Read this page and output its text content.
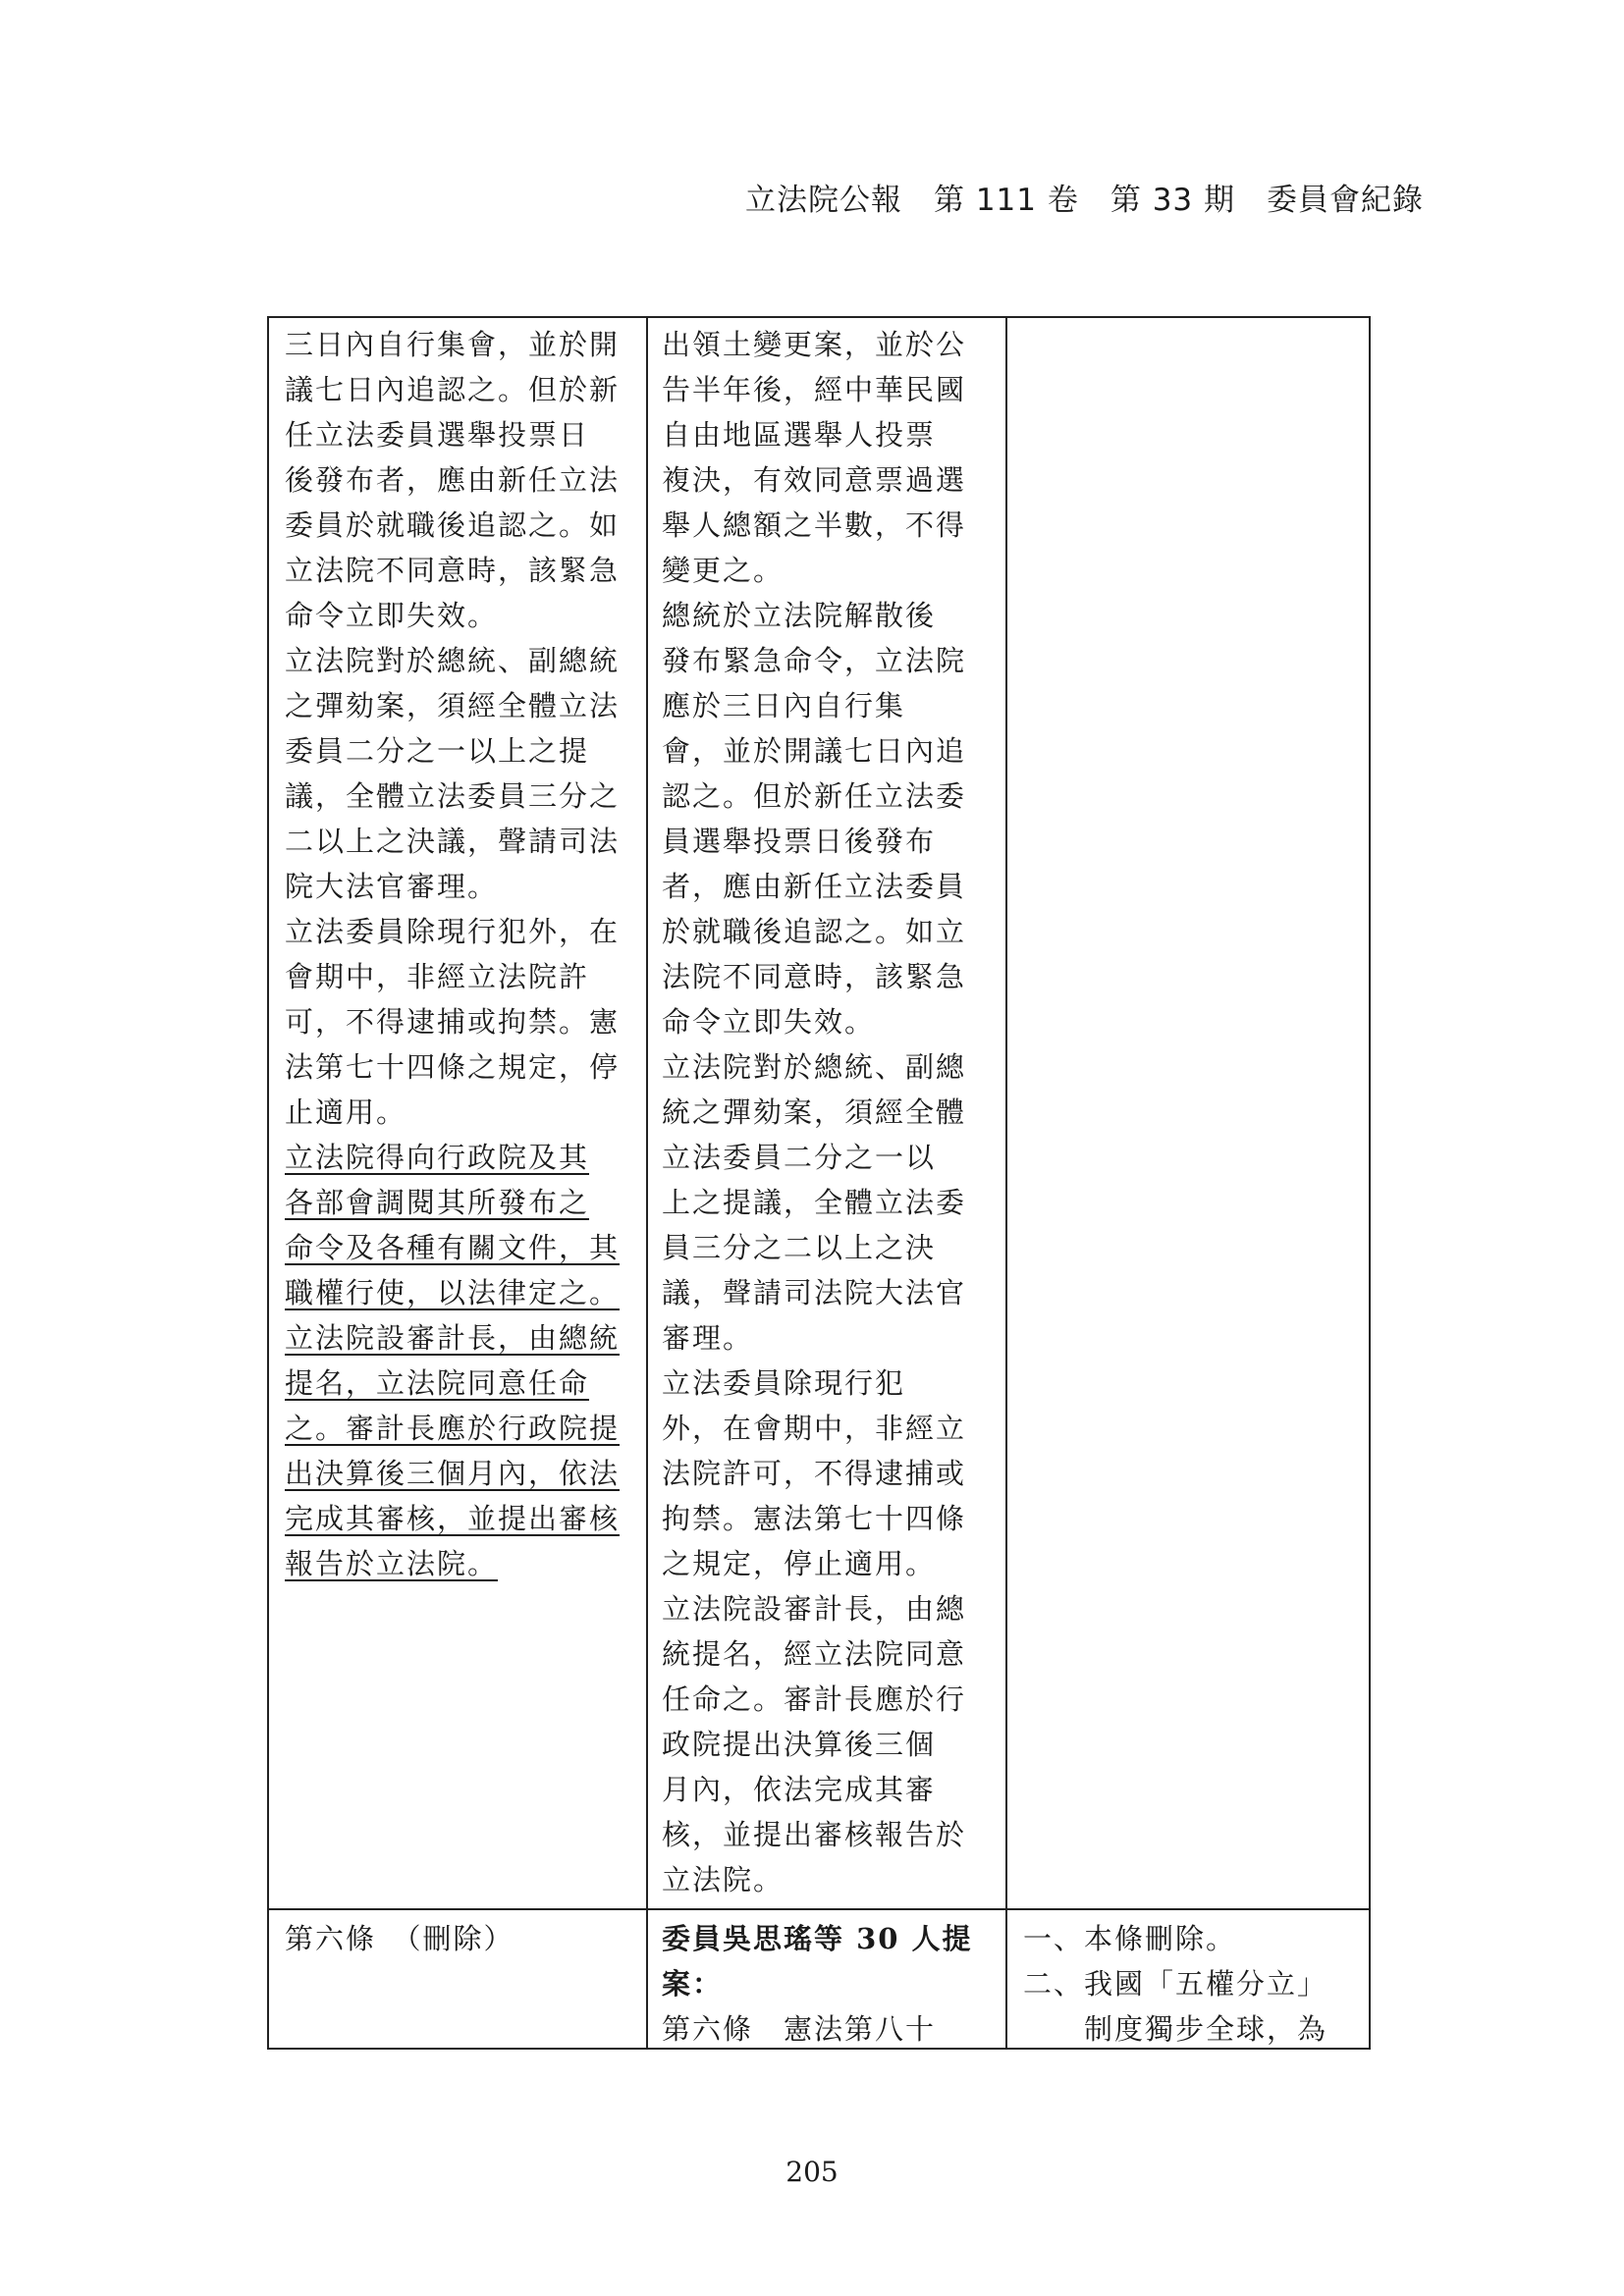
立法院公報　第 111 卷　第 33 期　委員會紀錄
三日內自行集會，並於開
議七日內追認之。但於新
任立法委員選舉投票日
後發布者，應由新任立法
委員於就職後追認之。如
立法院不同意時，該緊急
命令立即失效。
立法院對於總統、副總統
之彈劾案，須經全體立法
委員二分之一以上之提
議，全體立法委員三分之
二以上之決議，聲請司法
院大法官審理。
立法委員除現行犯外，在
會期中，非經立法院許
可，不得逮捕或拘禁。憲
法第七十四條之規定，停
止適用。
立法院得向行政院及其
各部會調閱其所發布之
命令及各種有關文件，其
職權行使，以法律定之。
立法院設審計長，由總統
提名，立法院同意任命
之。審計長應於行政院提
出決算後三個月內，依法
完成其審核，並提出審核
報告於立法院。
出領土變更案，並於公
告半年後，經中華民國
自由地區選舉人投票
複決，有效同意票過選
舉人總額之半數，不得
變更之。
總統於立法院解散後
發布緊急命令，立法院
應於三日內自行集
會，並於開議七日內追
認之。但於新任立法委
員選舉投票日後發布
者，應由新任立法委員
於就職後追認之。如立
法院不同意時，該緊急
命令立即失效。
立法院對於總統、副總
統之彈劾案，須經全體
立法委員二分之一以
上之提議，全體立法委
員三分之二以上之決
議，聲請司法院大法官
審理。
立法委員除現行犯
外，在會期中，非經立
法院許可，不得逮捕或
拘禁。憲法第七十四條
之規定，停止適用。
立法院設審計長，由總
統提名，經立法院同意
任命之。審計長應於行
政院提出決算後三個
月內，依法完成其審
核，並提出審核報告於
立法院。
第六條　（刪除）	委員吳思瑤等 30 人提
案：
第六條　憲法第八十
一、本條刪除。
二、我國「五權分立」
　　制度獨步全球，為
205
